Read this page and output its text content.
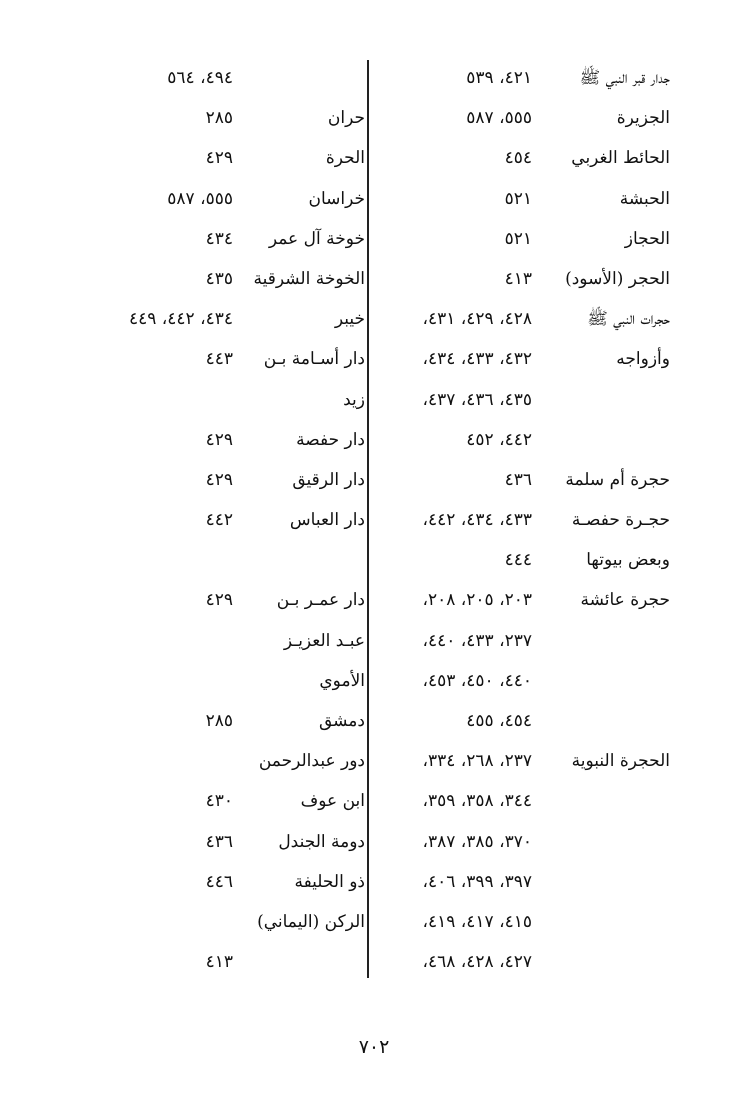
جدار قبر النبي ﷺ
٤٢١، ٥٣٩
الجزيرة
٥٥٥، ٥٨٧
الحائط الغربي
٤٥٤
الحبشة
٥٢١
الحجاز
٥٢١
الحجر (الأسود)
٤١٣
حجرات النبي ﷺ
٤٢٨، ٤٢٩، ٤٣١،
وأزواجه
٤٣٢، ٤٣٣، ٤٣٤،
٤٣٥، ٤٣٦، ٤٣٧،
٤٤٢، ٤٥٢
حجرة أم سلمة
٤٣٦
حجـرة حفصـة
٤٣٣، ٤٣٤، ٤٤٢،
وبعض بيوتها
٤٤٤
حجرة عائشة
٢٠٣، ٢٠٥، ٢٠٨،
٢٣٧، ٤٣٣، ٤٤٠،
٤٤٠، ٤٥٠، ٤٥٣،
٤٥٤، ٤٥٥
الحجرة النبوية
٢٣٧، ٢٦٨، ٣٣٤،
٣٤٤، ٣٥٨، ٣٥٩،
٣٧٠، ٣٨٥، ٣٨٧،
٣٩٧، ٣٩٩، ٤٠٦،
٤١٥، ٤١٧، ٤١٩،
٤٢٧، ٤٢٨، ٤٦٨،
٤٩٤، ٥٦٤
حران
٢٨٥
الحرة
٤٢٩
خراسان
٥٥٥، ٥٨٧
خوخة آل عمر
٤٣٤
الخوخة الشرقية
٤٣٥
خيبر
٤٣٤، ٤٤٢، ٤٤٩
دار أسـامة بـن
٤٤٣
زيد
دار حفصة
٤٢٩
دار الرقيق
٤٢٩
دار العباس
٤٤٢
دار عمـر بـن
٤٢٩
عبـد العزيـز
الأموي
دمشق
٢٨٥
دور عبدالرحمن
ابن عوف
٤٣٠
دومة الجندل
٤٣٦
ذو الحليفة
٤٤٦
الركن (اليماني)
٤١٣
٧٠٢
